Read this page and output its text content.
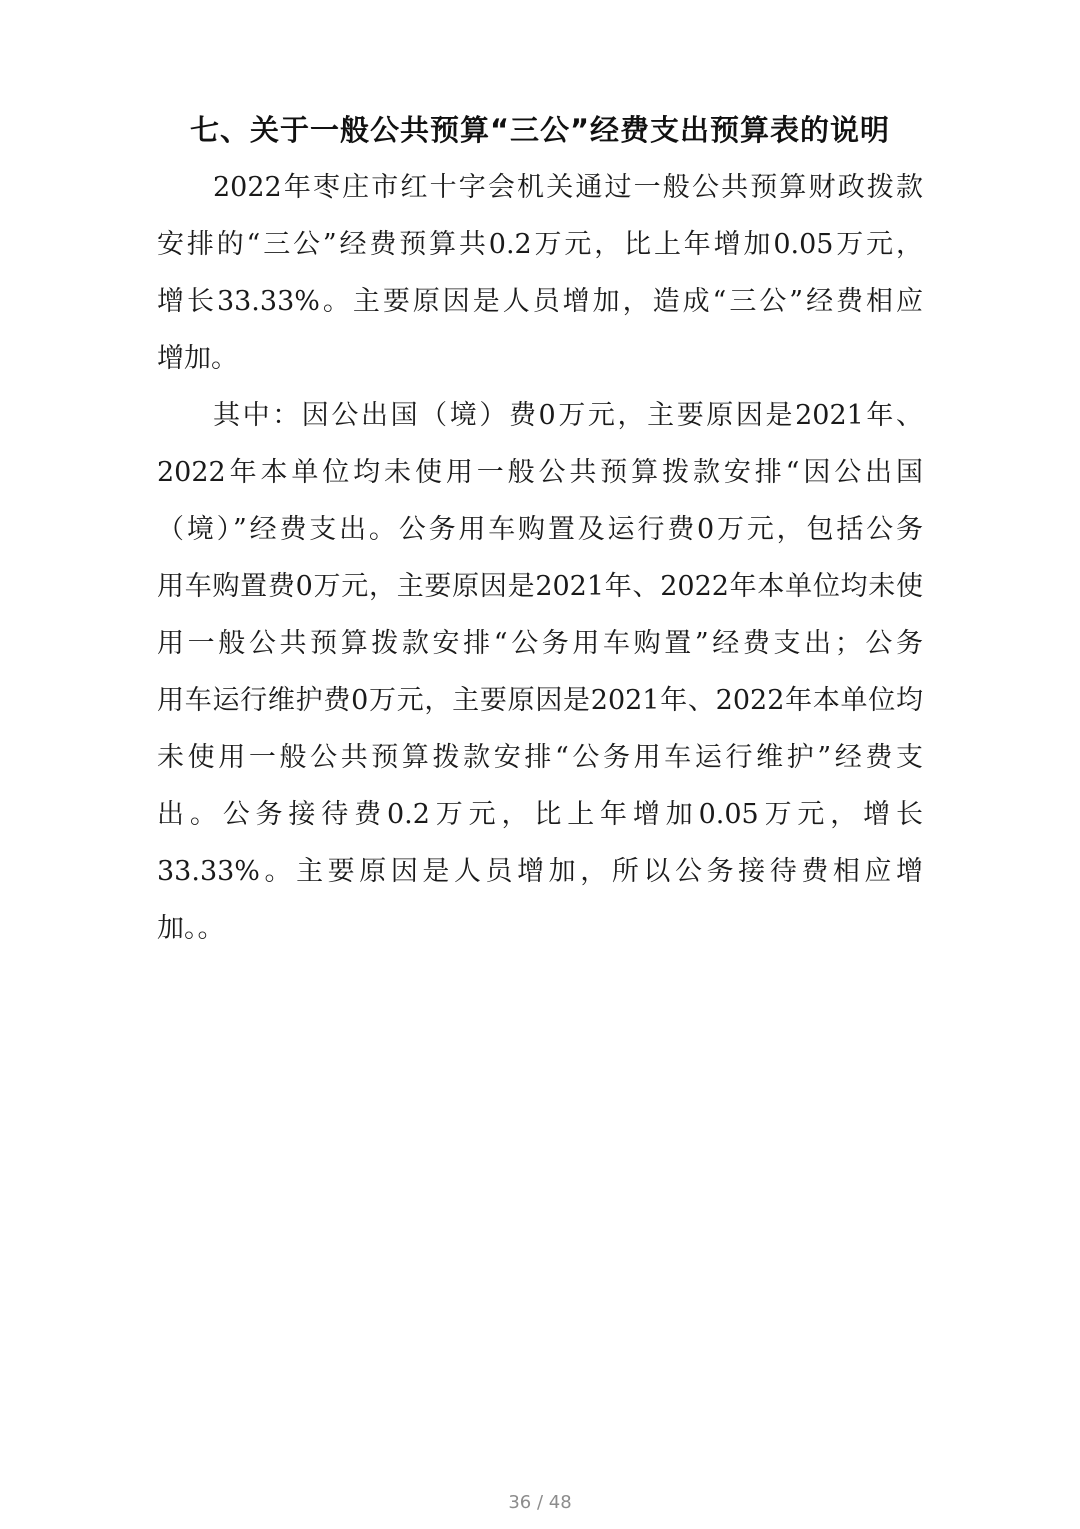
七、关于一般公共预算“三公”经费支出预算表的说明
2022年枣庄市红十字会机关通过一般公共预算财政拨款
安排的“三公”经费预算共0.2万元，比上年增加0.05万元，
增长33.33%。主要原因是人员增加，造成“三公”经费相应
增加。
其中：因公出国（境）费0万元，主要原因是2021年、
2022年本单位均未使用一般公共预算拨款安排“因公出国
（境）”经费支出。公务用车购置及运行费0万元，包括公务
用车购置费0万元，主要原因是2021年、2022年本单位均未使
用一般公共预算拨款安排“公务用车购置”经费支出；公务
用车运行维护费0万元，主要原因是2021年、2022年本单位均
未使用一般公共预算拨款安排“公务用车运行维护”经费支
出。公务接待费0.2万元，比上年增加0.05万元，增长
33.33%。主要原因是人员增加，所以公务接待费相应增
加。。
36 / 48
